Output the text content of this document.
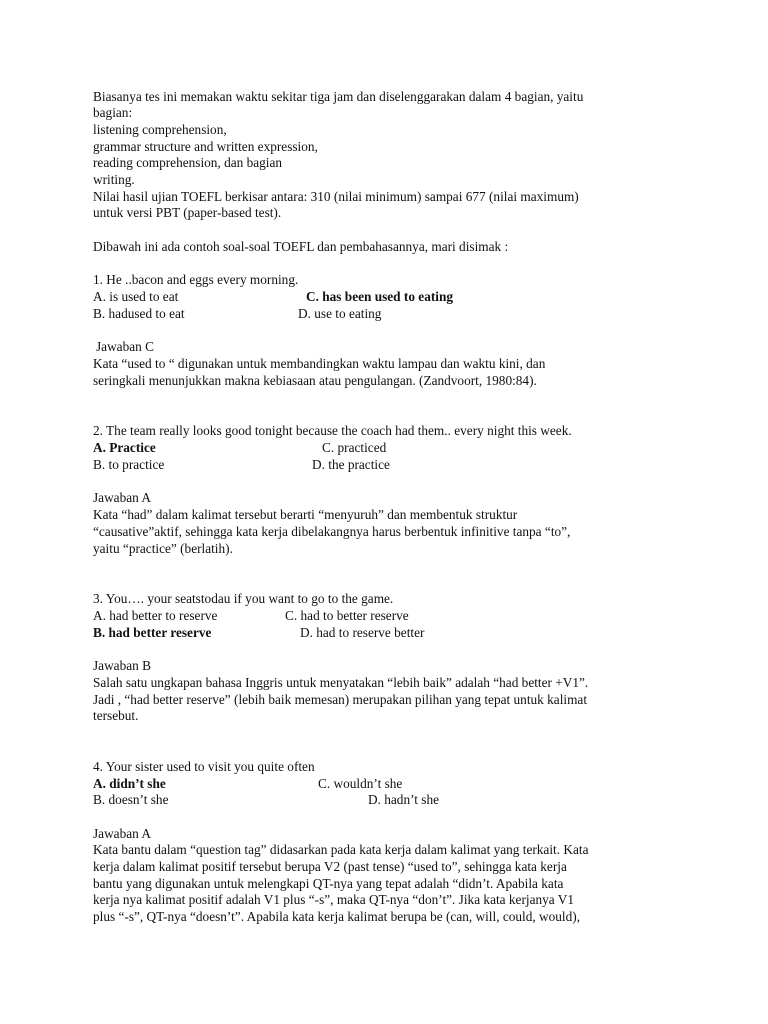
Biasanya tes ini memakan waktu sekitar tiga jam dan diselenggarakan dalam 4 bagian, yaitu
bagian:
listening comprehension,
grammar structure and written expression,
reading comprehension, dan bagian
writing.
Nilai hasil ujian TOEFL berkisar antara: 310 (nilai minimum) sampai 677 (nilai maximum)
untuk versi PBT (paper-based test).
Dibawah ini ada contoh soal-soal TOEFL dan pembahasannya, mari disimak :
1. He ..bacon and eggs every morning.
A. is used to eat	C. has been used to eating
B. hadused to eat	D. use to eating
Jawaban C
Kata “used to “ digunakan untuk membandingkan waktu lampau dan waktu kini, dan
seringkali menunjukkan makna kebiasaan atau pengulangan. (Zandvoort, 1980:84).
2. The team really looks good tonight because the coach had them.. every night this week.
A. Practice	C. practiced
B. to practice	D. the practice
Jawaban A
Kata “had” dalam kalimat tersebut berarti “menyuruh” dan membentuk struktur
“causative”aktif, sehingga kata kerja dibelakangnya harus berbentuk infinitive tanpa “to”,
yaitu “practice” (berlatih).
3. You…. your seatstodau if you want to go to the game.
A. had better to reserve	C. had to better reserve
B. had better reserve	D. had to reserve better
Jawaban B
Salah satu ungkapan bahasa Inggris untuk menyatakan “lebih baik” adalah “had better +V1”.
Jadi , “had better reserve” (lebih baik memesan) merupakan pilihan yang tepat untuk kalimat
tersebut.
4. Your sister used to visit you quite often
A. didn’t she	C. wouldn’t she
B. doesn’t she	D. hadn’t she
Jawaban A
Kata bantu dalam “question tag” didasarkan pada kata kerja dalam kalimat yang terkait. Kata
kerja dalam kalimat positif tersebut berupa V2 (past tense) “used to”, sehingga kata kerja
bantu yang digunakan untuk melengkapi QT-nya yang tepat adalah “didn’t. Apabila kata
kerja nya kalimat positif adalah V1 plus “-s”, maka QT-nya “don’t”. Jika kata kerjanya V1
plus “-s”, QT-nya “doesn’t”. Apabila kata kerja kalimat berupa be (can, will, could, would),
